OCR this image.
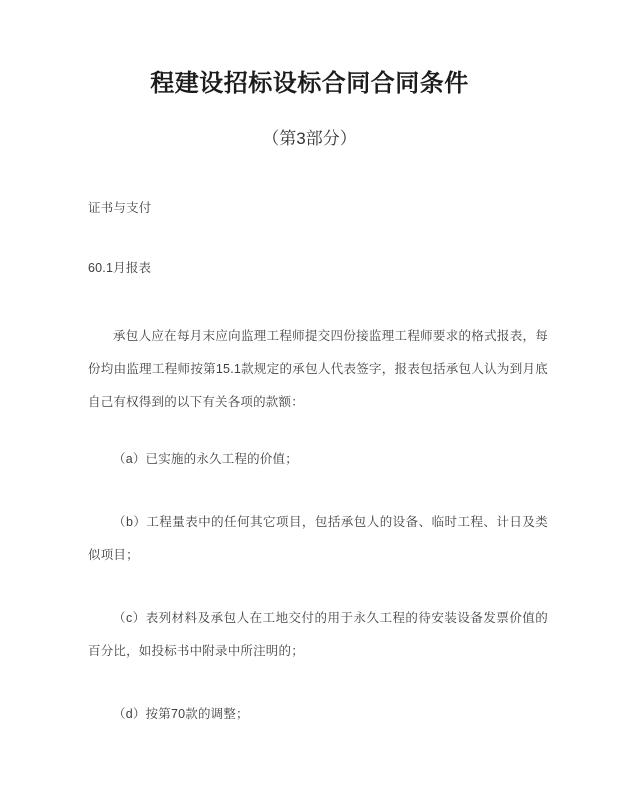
程建设招标设标合同合同条件
（第3部分）
证书与支付
60.1月报表
承包人应在每月末应向监理工程师提交四份接监理工程师要求的格式报表，每份均由监理工程师按第15.1款规定的承包人代表签字，报表包括承包人认为到月底自己有权得到的以下有关各项的款额：
（a）已实施的永久工程的价值；
（b）工程量表中的任何其它项目，包括承包人的设备、临时工程、计日及类似项目；
（c）表列材料及承包人在工地交付的用于永久工程的待安装设备发票价值的百分比，如投标书中附录中所注明的；
（d）按第70款的调整；
